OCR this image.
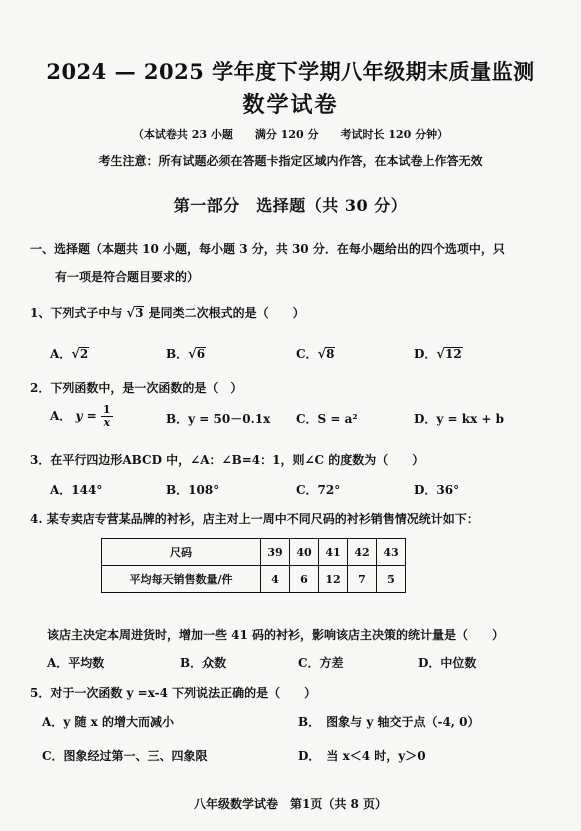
2024 — 2025 学年度下学期八年级期末质量监测
数学试卷
（本试卷共 23 小题　　满分 120 分　　考试时长 120 分钟）
考生注意：所有试题必须在答题卡指定区域内作答，在本试卷上作答无效
第一部分　选择题（共 30 分）
一、选择题（本题共 10 小题，每小题 3 分，共 30 分．在每小题给出的四个选项中，只
有一项是符合题目要求的）
1、下列式子中与 √3 是同类二次根式的是（　　）
A．√2	B．√6	C．√8	D．√12
2．下列函数中，是一次函数的是（　）
A． $y = \frac{1}{x}$	B．y = 50－0.1x C．S = a²	D．y = kx + b
3．在平行四边形ABCD 中，∠A：∠B=4：1，则∠C 的度数为（　　）
A．144°	B．108°	C．72°	D．36°
4. 某专卖店专营某品牌的衬衫，店主对上一周中不同尺码的衬衫销售情况统计如下：
尺码	39	40	41	42	43
平均每天销售数量/件	4	6	12	7	5
该店主决定本周进货时，增加一些 41 码的衬衫，影响该店主决策的统计量是（　　）
A．平均数	B．众数	C．方差	D．中位数
5．对于一次函数 y =x-4 下列说法正确的是（　　）
A．y 随 x 的增大而减小	B．　图象与 y 轴交于点（-4, 0）
C．图象经过第一、三、四象限	D．　当 x＜4 时，y＞0
八年级数学试卷　第1页（共 8 页）
